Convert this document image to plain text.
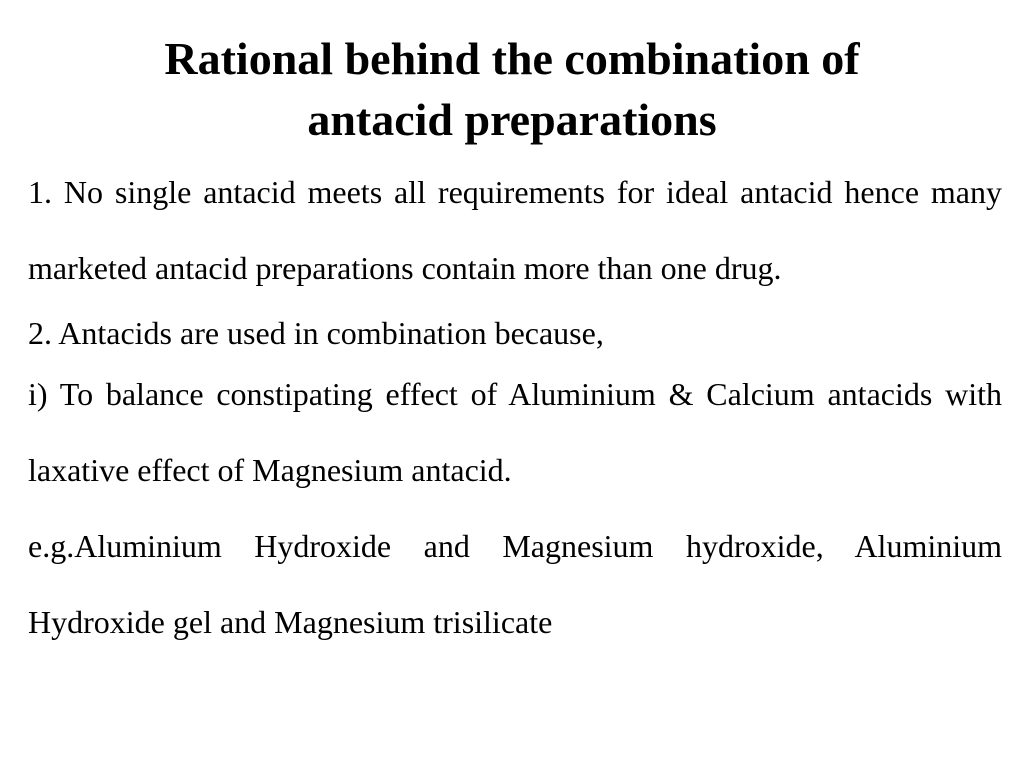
Rational behind the combination of
antacid preparations

1. No single antacid meets all requirements for ideal antacid hence many marketed antacid preparations contain more than one drug.

2. Antacids are used in combination because,

i) To balance constipating effect of Aluminium & Calcium antacids with laxative effect of Magnesium antacid.

e.g.Aluminium Hydroxide and Magnesium hydroxide, Aluminium Hydroxide gel and Magnesium trisilicate
